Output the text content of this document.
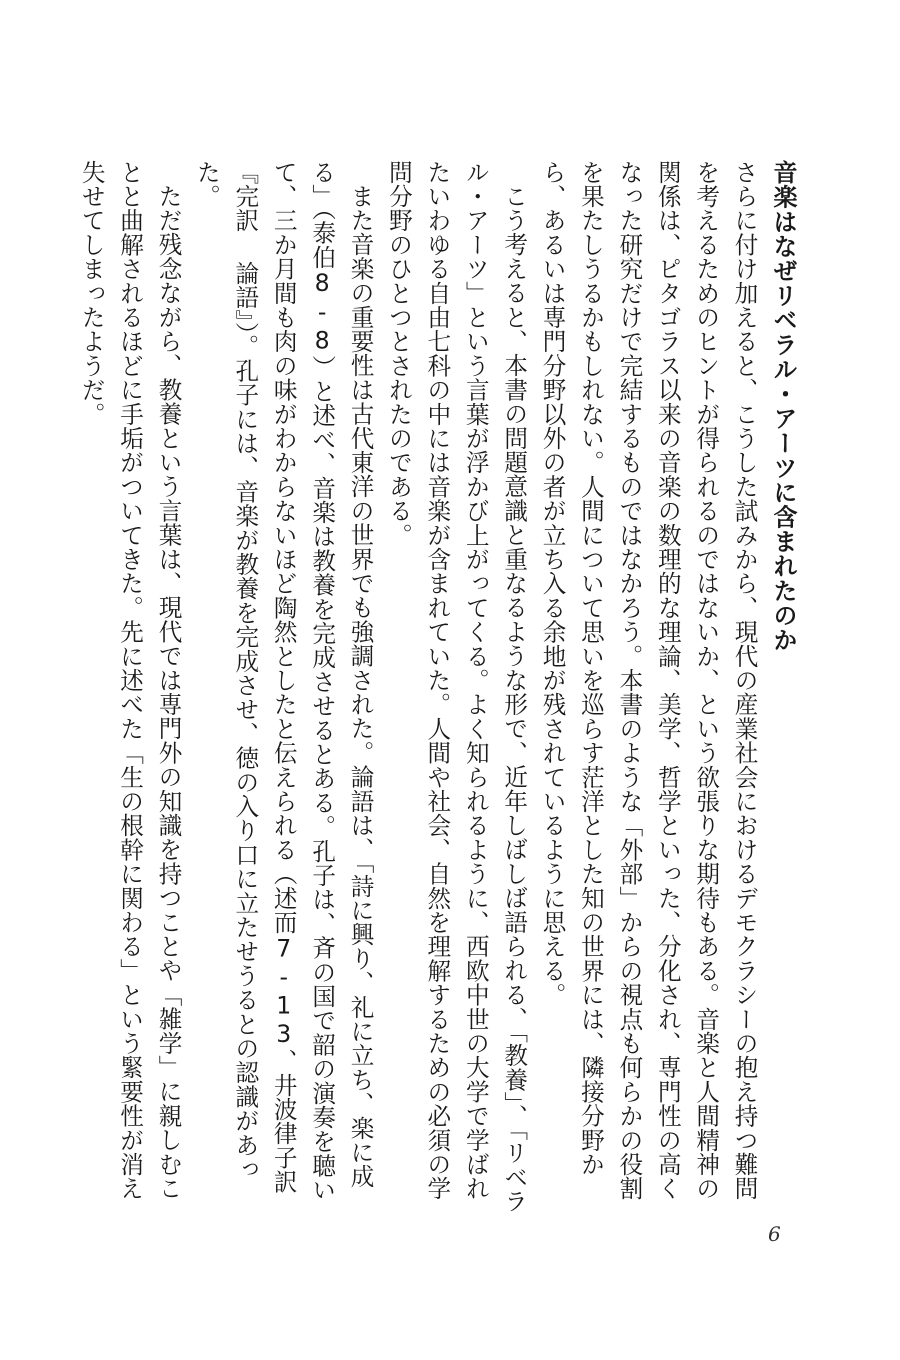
音楽はなぜリベラル・アーツに含まれたのか

さらに付け加えると、こうした試みから、現代の産業社会におけるデモクラシーの抱え持つ難問を考えるためのヒントが得られるのではないか、という欲張りな期待もある。音楽と人間精神の関係は、ピタゴラス以来の音楽の数理的な理論、美学、哲学といった、分化され、専門性の高くなった研究だけで完結するものではなかろう。本書のような「外部」からの視点も何らかの役割を果たしうるかもしれない。人間について思いを巡らす茫洋とした知の世界には、隣接分野から、あるいは専門分野以外の者が立ち入る余地が残されているように思える。

こう考えると、本書の問題意識と重なるような形で、近年しばしば語られる、「教養」、「リベラル・アーツ」という言葉が浮かび上がってくる。よく知られるように、西欧中世の大学で学ばれたいわゆる自由七科の中には音楽が含まれていた。人間や社会、自然を理解するための必須の学問分野のひとつとされたのである。

また音楽の重要性は古代東洋の世界でも強調された。論語は、「詩に興り、礼に立ち、楽に成る」（泰伯8-8）と述べ、音楽は教養を完成させるとある。孔子は、斉の国で韶の演奏を聴いて、三か月間も肉の味がわからないほど陶然としたと伝えられる（述而7-13、井波律子訳『完訳 論語』）。孔子には、音楽が教養を完成させ、徳の入り口に立たせうるとの認識があった。

ただ残念ながら、教養という言葉は、現代では専門外の知識を持つことや「雑学」に親しむことと曲解されるほどに手垢がついてきた。先に述べた「生の根幹に関わる」という緊要性が消え失せてしまったようだ。

6
